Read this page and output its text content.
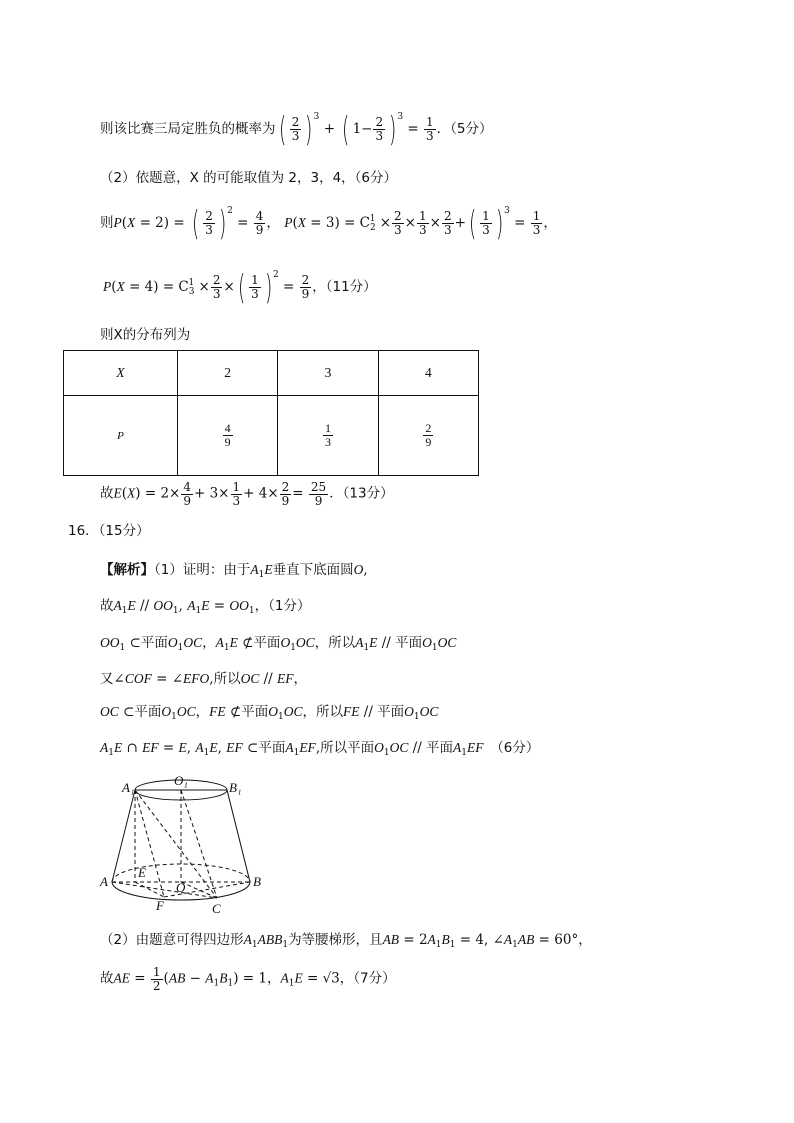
则该比赛三局定胜负的概率为( $\frac{2}{3} )^3$ + ( $1- \frac{2}{3} )^3 = \frac{1}{3}$ ．（5分）
（2）依题意，X 的可能取值为 2，3，4，（6分）
则P(X = 2) = ( $\frac{2}{3} )^2 = \frac{4}{9}$ ， $P(X = 3) = C_2^1 \times \frac{2}{3} \times \frac{1}{3} \times \frac{2}{3}$ +( $\frac{1}{3} )^3 = \frac{1}{3}$ ，
$P(X = 4) = C_3^1 \times \frac{2}{3}$ ×( $\frac{1}{3} )^2 = \frac{2}{9}$ ，（11分）
则X的分布列为
X	2	3	4
P	$\frac{4}{9}$	$\frac{1}{3}$	$\frac{2}{9}$
故$E(X) = 2\times \frac{4}{9} + 3\times \frac{1}{3} + 4\times \frac{2}{9} = \frac{25}{9}$ ．（13分）
16．（15分）
【解析】（1）证明：由于$A_1E$垂直下底面圆O,
故$A_1E // OO_1$, $A_1E = OO_1$，（1分）
$OO_1$ ⊂平面$O_1OC$，$A_1E$ ⊄平面$O_1OC$，所以$A_1E$ // 平面$O_1OC$
又∠COF = ∠EFO,所以OC // EF，
OC ⊂平面$O_1OC$，FE ⊄平面$O_1OC$，所以FE // 平面$O_1OC$
$A_1E$ ∩ EF = E, $A_1E$, EF ⊂平面$A_1EF$,所以平面$O_1OC$ // 平面$A_1EF$　 （6分）
A₁	O₁	B₁
A
E
O	B
F	C
（2）由题意可得四边形$A_1ABB_1$为等腰梯形，且AB = $2A_1B_1 = 4$, $\angle A_1AB = 60^\circ$，
故AE = $\frac{1}{2} (AB - A_1B_1) = 1$，$A_1E = √3$，（7分）
